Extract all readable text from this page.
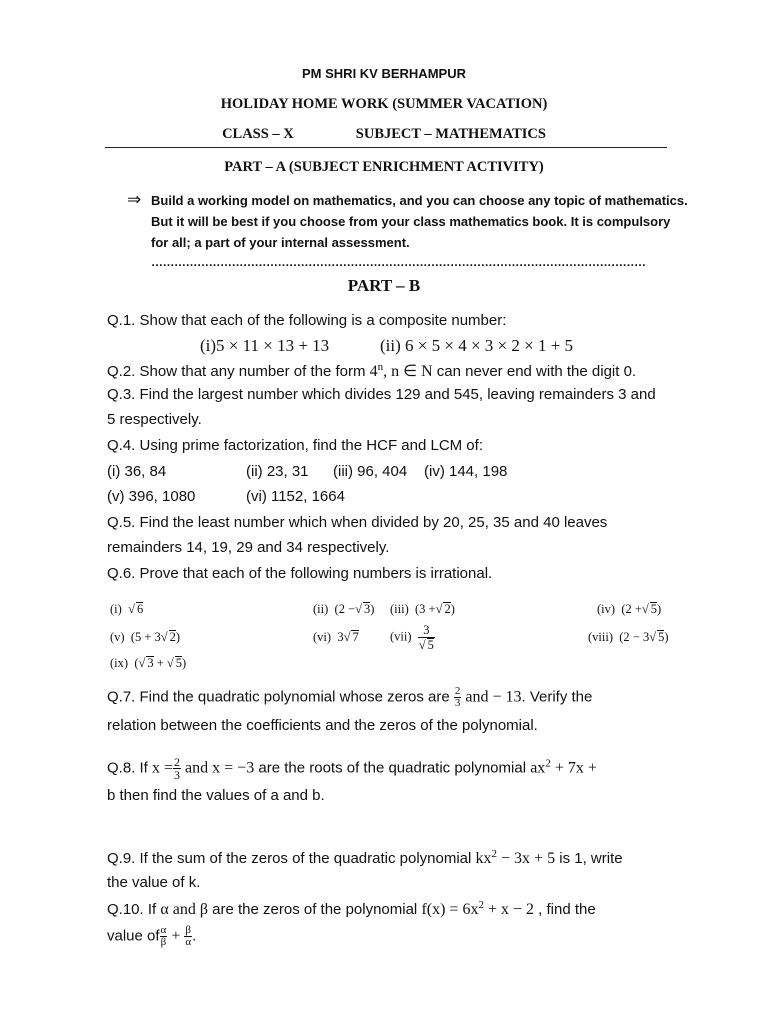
PM SHRI KV BERHAMPUR
HOLIDAY HOME WORK (SUMMER VACATION)
CLASS – X	SUBJECT – MATHEMATICS
PART – A (SUBJECT ENRICHMENT ACTIVITY)
⇒ Build a working model on mathematics, and you can choose any topic of mathematics.
But it will be best if you choose from your class mathematics book. It is compulsory
for all; a part of your internal assessment.
…………………………………………………………………………………………………………………
PART – B
Q.1. Show that each of the following is a composite number:
(i)5 × 11 × 13 + 13	(ii) 6 × 5 × 4 × 3 × 2 × 1 + 5
Q.2. Show that any number of the form 4$^n$, n ∈ N can never end with the digit 0.
Q.3. Find the largest number which divides 129 and 545, leaving remainders 3 and
5 respectively.
Q.4. Using prime factorization, find the HCF and LCM of:
(i) 36, 84	(ii) 23, 31 (iii) 96, 404 (iv) 144, 198
(v) 396, 1080	(vi) 1152, 1664
Q.5. Find the least number which when divided by 20, 25, 35 and 40 leaves
remainders 14, 19, 29 and 34 respectively.
Q.6. Prove that each of the following numbers is irrational.
(i)  √ 6	(ii) (2 −√ 3) (iii) (3 +√ 2)	(iv) (2 +√ 5)
(v) (5 + 3√ 2)	(vi) 3√ 7	$(vii) \frac{3}{√ 5}$	(viii) (2 − 3√ 5)
(ix) (√ 3 + √ 5)
Q.7. Find the quadratic polynomial whose zeros are $\frac{2}{3}$ and − 13. Verify the
relation between the coefficients and the zeros of the polynomial.
Q.8. If $x = \frac{2}{3}$ and x = −3 are the roots of the quadratic polynomial $ax^2 + 7x$ +
b then find the values of a and b.
Q.9. If the sum of the zeros of the quadratic polynomial $kx^2 - 3x + 5$ is 1, write
the value of k.
Q.10. If α and β are the zeros of the polynomial $f(x) = 6x^2 + x - 2$ , find the
value of $\frac{\alpha}{\beta} + \frac{\beta}{\alpha}$ .
